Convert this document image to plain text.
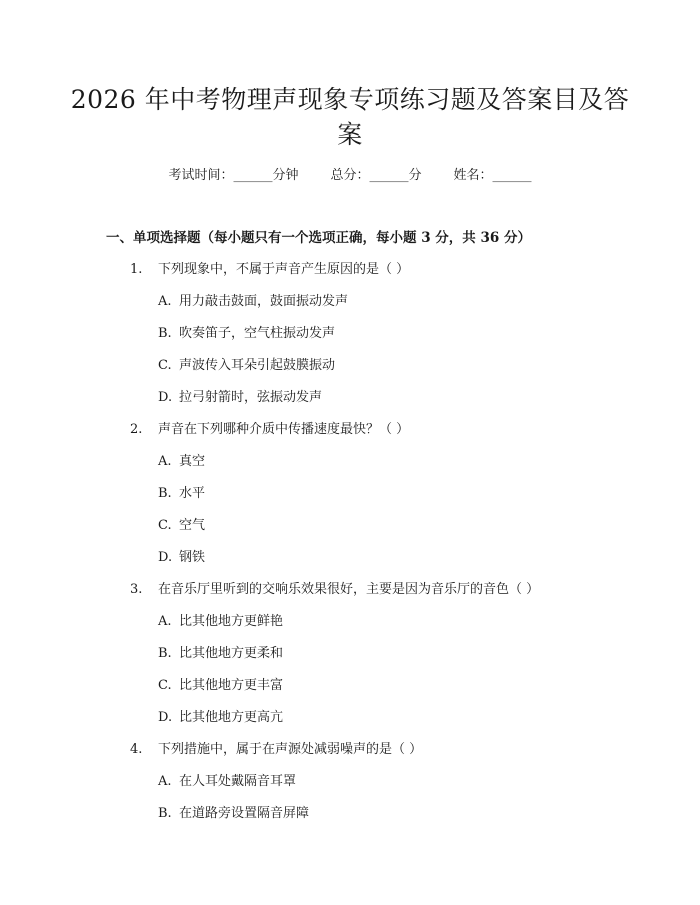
2026 年中考物理声现象专项练习题及答案目及答案
考试时间：______分钟 总分：______分 姓名：______
一、单项选择题（每小题只有一个选项正确，每小题 3 分，共 36 分）
1. 下列现象中，不属于声音产生原因的是（ ）
A. 用力敲击鼓面，鼓面振动发声
B. 吹奏笛子，空气柱振动发声
C. 声波传入耳朵引起鼓膜振动
D. 拉弓射箭时，弦振动发声
2. 声音在下列哪种介质中传播速度最快？（ ）
A. 真空
B. 水平
C. 空气
D. 钢铁
3. 在音乐厅里听到的交响乐效果很好，主要是因为音乐厅的音色（ ）
A. 比其他地方更鲜艳
B. 比其他地方更柔和
C. 比其他地方更丰富
D. 比其他地方更高亢
4. 下列措施中，属于在声源处减弱噪声的是（ ）
A. 在人耳处戴隔音耳罩
B. 在道路旁设置隔音屏障
